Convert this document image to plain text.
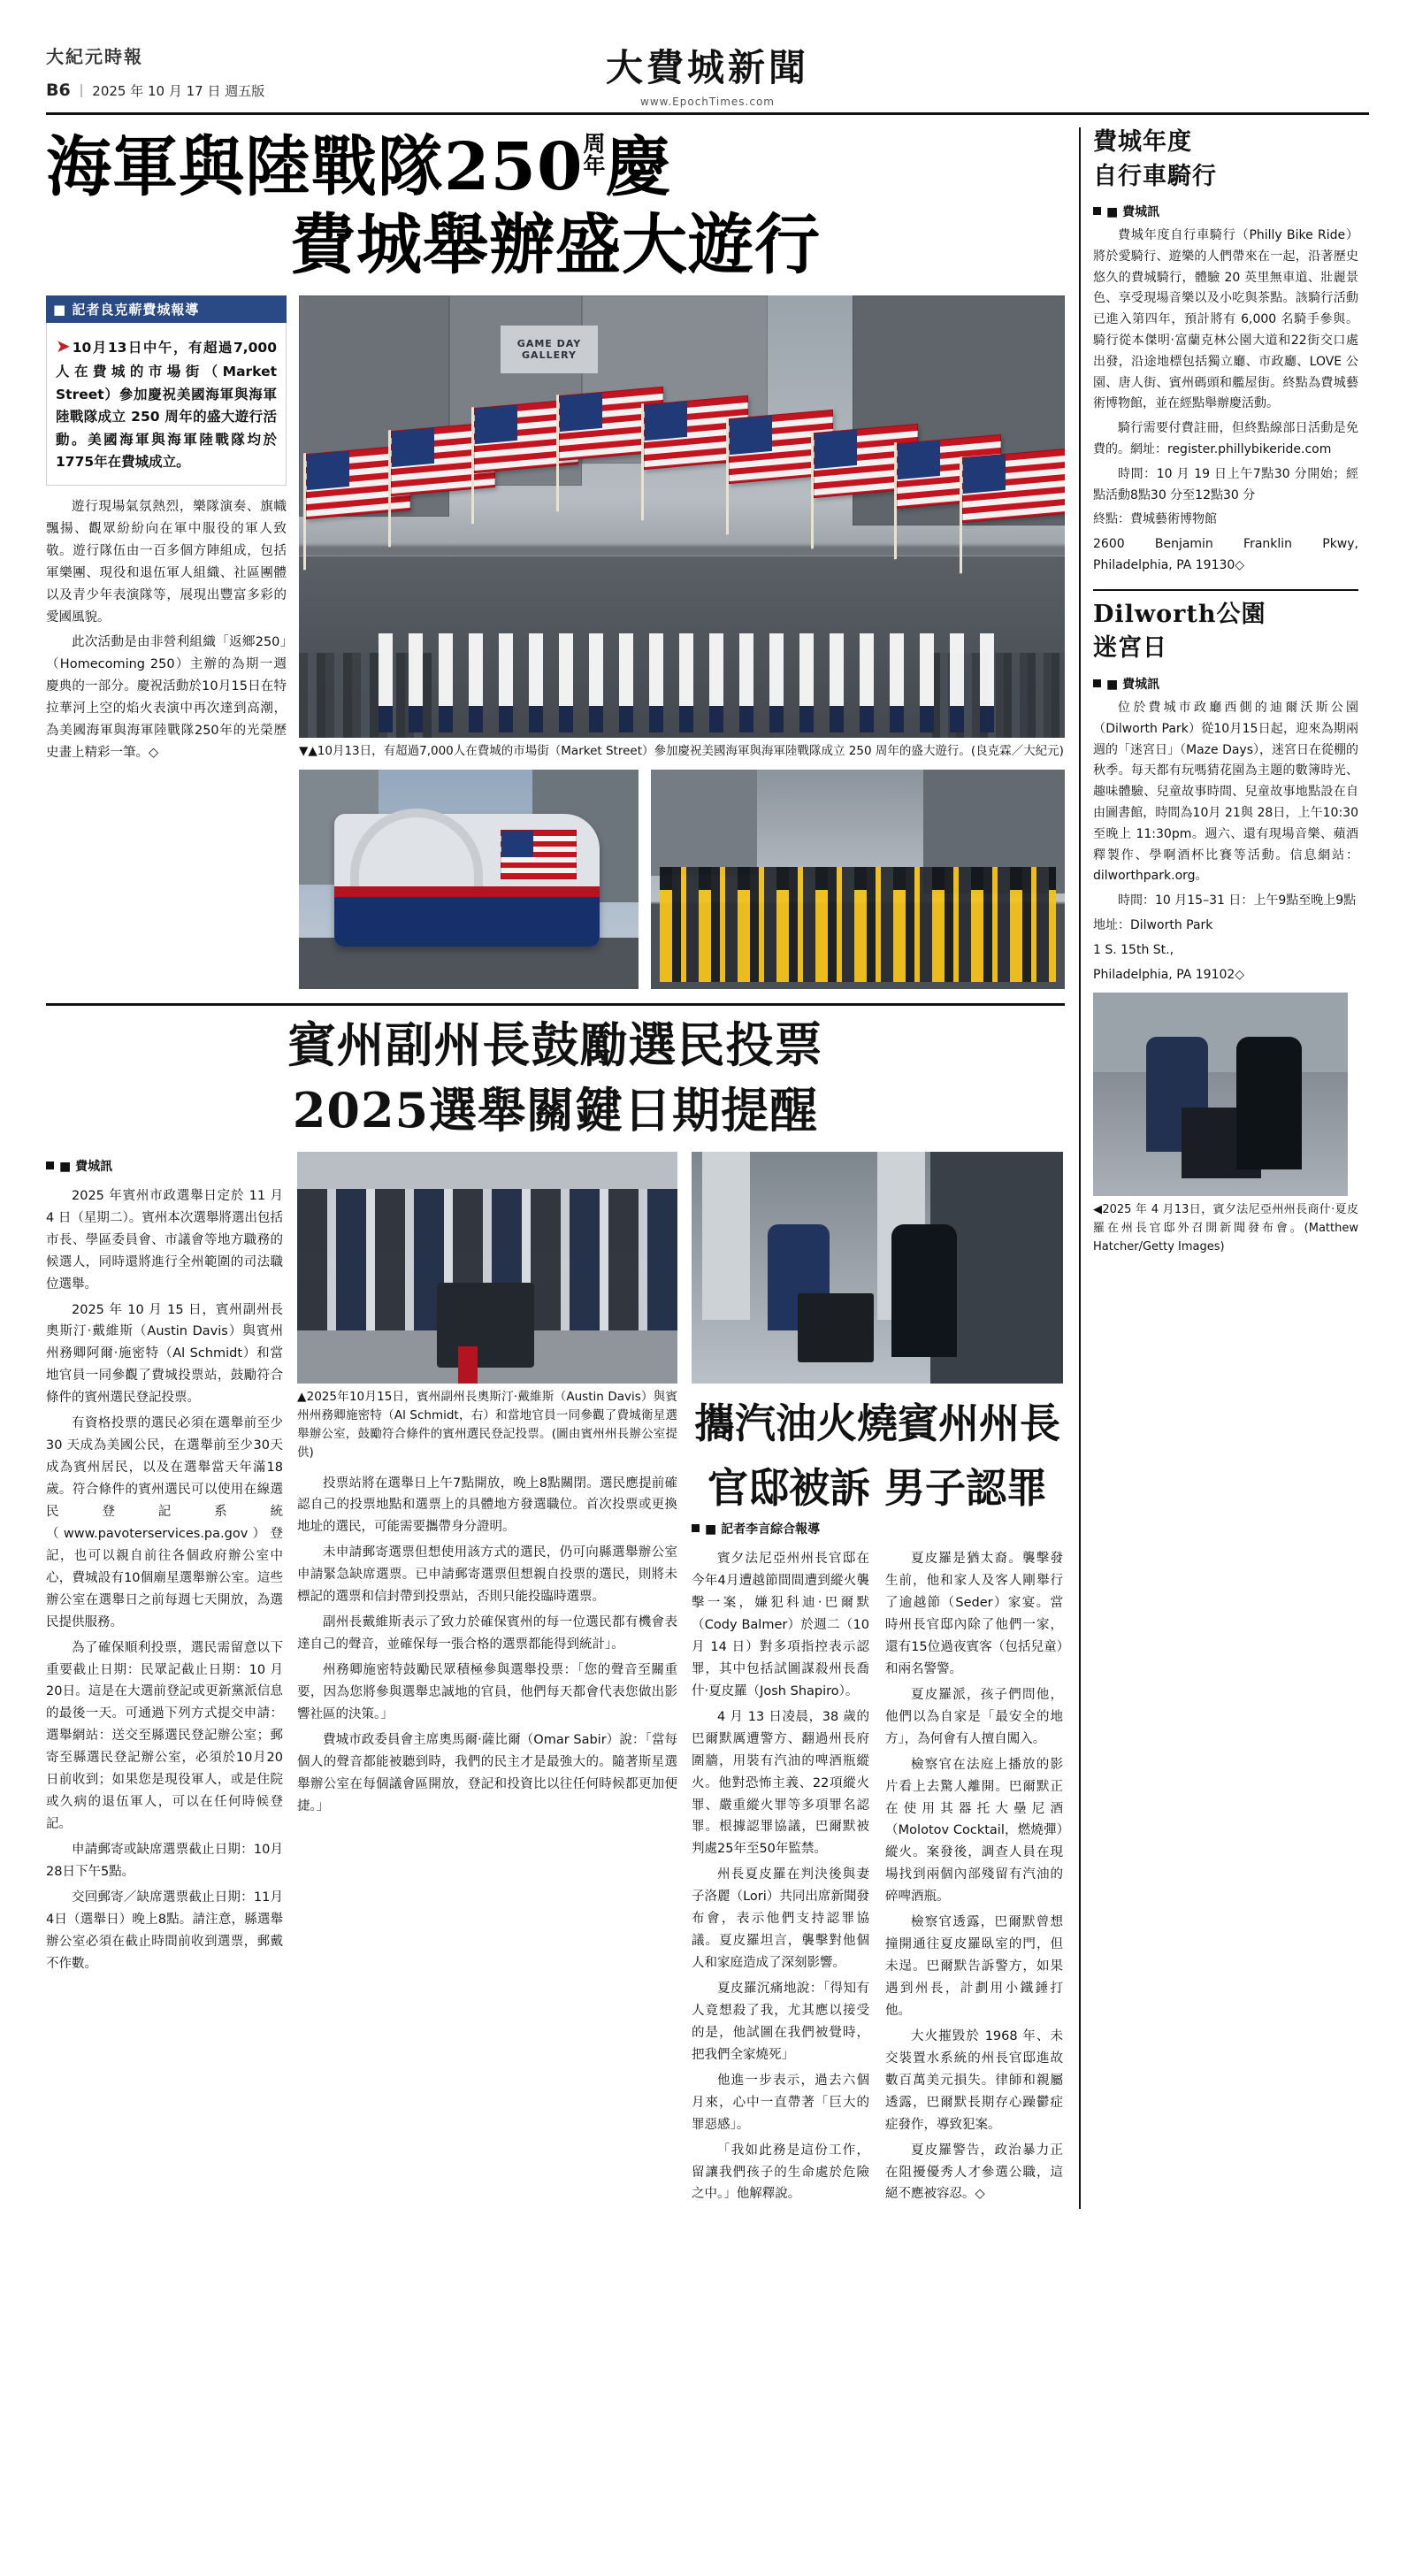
大紀元時報
B6 ｜ 2025 年 10 月 17 日 週五版
大費城新聞
www.EpochTimes.com
海軍與陸戰隊250 周
年 慶
費城舉辦盛大遊行
■ 記者良克蕲費城報導
➤ 10月13日中午，有超過7,000人在費城的市場街（Market Street）參加慶祝美國海軍與海軍陸戰隊成立 250 周年的盛大遊行活動。美國海軍與海軍陸戰隊均於1775年在費城成立。

遊行現場氣氛熱烈，樂隊演奏、旗幟飄揚、觀眾紛紛向在軍中服役的軍人致敬。遊行隊伍由一百多個方陣組成，包括軍樂團、現役和退伍軍人組織、社區團體以及青少年表演隊等，展現出豐富多彩的愛國風貌。

此次活動是由非營利組織「返鄉250」（Homecoming 250）主辦的為期一週慶典的一部分。慶祝活動於10月15日在特拉華河上空的焰火表演中再次達到高潮，為美國海軍與海軍陸戰隊250年的光榮歷史畫上精彩一筆。◇

GAME DAY GALLERY
▼▲10月13日，有超過7,000人在費城的市場街（Market Street）參加慶祝美國海軍與海軍陸戰隊成立 250 周年的盛大遊行。(良克霖／大紀元)
賓州副州長鼓勵選民投票
2025選舉關鍵日期提醒
■ 費城訊

2025 年賓州市政選舉日定於 11 月 4 日（星期二）。賓州本次選舉將選出包括市長、學區委員會、市議會等地方職務的候選人，同時還將進行全州範圍的司法職位選舉。

2025 年 10 月 15 日，賓州副州長奧斯汀‧戴維斯（Austin Davis）與賓州州務卿阿爾‧施密特（Al Schmidt）和當地官員一同參觀了費城投票站，鼓勵符合條件的賓州選民登記投票。

有資格投票的選民必須在選舉前至少 30 天成為美國公民，在選舉前至少30天成為賓州居民，以及在選舉當天年滿18歲。符合條件的賓州選民可以使用在線選民登記系統（www.pavoterservices.pa.gov）登記，也可以親自前往各個政府辦公室中心，費城設有10個廟星選舉辦公室。這些辦公室在選舉日之前每週七天開放，為選民提供服務。

為了確保順利投票，選民需留意以下重要截止日期：民眾記截止日期：10 月20日。這是在大選前登記或更新黨派信息的最後一天。可通過下列方式提交申請：選舉網站：送交至縣選民登記辦公室；郵寄至縣選民登記辦公室，必須於10月20日前收到；如果您是現役軍人，或是住院或久病的退伍軍人，可以在任何時候登記。

申請郵寄或缺席選票截止日期：10月28日下午5點。

交回郵寄／缺席選票截止日期：11月4日（選舉日）晚上8點。請注意，縣選舉辦公室必須在截止時間前收到選票，郵戴不作數。

▲2025年10月15日，賓州副州長奧斯汀‧戴維斯（Austin Davis）與賓州州務卿施密特（Al Schmidt，右）和當地官員一同參觀了費城衛星選舉辦公室，鼓勵符合條件的賓州選民登記投票。(圖由賓州州長辦公室提供)

投票站將在選舉日上午7點開放，晚上8點關閉。選民應提前確認自己的投票地點和選票上的具體地方發選職位。首次投票或更換地址的選民，可能需要攜帶身分證明。

未申請郵寄選票但想使用該方式的選民，仍可向縣選舉辦公室申請緊急缺席選票。已申請郵寄選票但想親自投票的選民，則將未標記的選票和信封帶到投票站，否則只能投臨時選票。

副州長戴維斯表示了致力於確保賓州的每一位選民都有機會表達自己的聲音，並確保每一張合格的選票都能得到統計」。

州務卿施密特鼓勵民眾積極參與選舉投票：「您的聲音至關重要，因為您將參與選舉忠誠地的官員，他們每天都會代表您做出影響社區的決策。」

費城市政委員會主席奧馬爾‧薩比爾（Omar Sabir）說：「當每個人的聲音都能被聽到時，我們的民主才是最強大的。隨著斯星選舉辦公室在每個議會區開放，登記和投資比以往任何時候都更加便捷。」

攜汽油火燒賓州州長
官邸被訴 男子認罪
■ 記者李言綜合報導

賓夕法尼亞州州長官邸在今年4月遭越節間間遭到縱火襲擊一案，嫌犯科迪‧巴爾默（Cody Balmer）於週二（10 月 14 日）對多項指控表示認罪，其中包括試圖謀殺州長喬什‧夏皮羅（Josh Shapiro）。

4 月 13 日凌晨，38 歲的巴爾默厲遭警方、翻過州長府圍牆，用裝有汽油的啤酒瓶縱火。他對恐怖主義、22項縱火罪、嚴重縱火罪等多項罪名認罪。根據認罪協議，巴爾默被判處25年至50年監禁。

州長夏皮羅在判決後與妻子洛麗（Lori）共同出席新聞發布會，表示他們支持認罪協議。夏皮羅坦言，襲擊對他個人和家庭造成了深刻影響。

夏皮羅沉痛地說：「得知有人竟想殺了我，尤其應以接受的是，他試圖在我們被覺時，把我們全家燒死」

他進一步表示，過去六個月來，心中一直帶著「巨大的罪惡感」。

「我如此務是這份工作，留讓我們孩子的生命處於危險之中。」他解釋說。

夏皮羅是猶太裔。襲擊發生前，他和家人及客人剛舉行了逾越節（Seder）家宴。當時州長官邸內除了他們一家，還有15位過夜賓客（包括兒童）和兩名警警。

夏皮羅派，孩子們問他，他們以為自家是「最安全的地方」，為何會有人擅自闖入。

檢察官在法庭上播放的影片看上去驚人離開。巴爾默正在使用其器托大壘尼酒（Molotov Cocktail，燃燒彈）縱火。案發後，調查人員在現場找到兩個內部殘留有汽油的碎啤酒瓶。

檢察官透露，巴爾默曾想撞開通往夏皮羅臥室的門，但未逞。巴爾默告訴警方，如果遇到州長，計劃用小鐵錘打他。

大火摧毀於 1968 年、未交裝置水系統的州長官邸進故數百萬美元損失。律師和親屬透露，巴爾默長期存心躁鬱症症發作，導致犯案。

夏皮羅警告，政治暴力正在阻擾優秀人才參選公職，這絕不應被容忍。◇

費城年度
自行車騎行
■ 費城訊

費城年度自行車騎行（Philly Bike Ride）將於愛騎行、遊樂的人們帶來在一起，沿著歷史悠久的費城騎行，體驗 20 英里無車道、壯麗景色、享受現場音樂以及小吃與茶點。該騎行活動已進入第四年，預計將有 6,000 名騎手參與。騎行從本傑明‧富蘭克林公園大道和22街交口處出發，沿途地標包括獨立廳、市政廳、LOVE 公園、唐人街、賓州碼頭和艦屋街。終點為費城藝術博物館，並在經點舉辦慶活動。

騎行需要付費註冊，但終點線部日活動是免費的。網址：register.phillybikeride.com

時間：10 月 19 日上午7點30 分開始；經點活動8點30 分至12點30 分

終點：費城藝術博物館

2600 Benjamin Franklin Pkwy, Philadelphia, PA 19130◇

Dilworth公園
迷宮日
■ 費城訊

位於費城市政廳西側的迪爾沃斯公園（Dilworth Park）從10月15日起，迎來為期兩週的「迷宮日」（Maze Days），迷宮日在從棚的秋季。每天都有玩嗎猜花園為主題的數簿時光、趣味體驗、兒童故事時間、兒童故事地點設在自由圖書館，時間為10月 21與 28日，上午10:30至晚上 11:30pm。週六、還有現場音樂、蘋酒釋製作、學啊酒杯比賽等活動。信息網站：dilworthpark.org。

時間：10 月15–31 日：上午9點至晚上9點

地址：Dilworth Park

1 S. 15th St.,

Philadelphia, PA 19102◇

◀2025 年 4 月13日，賓夕法尼亞州州長商什‧夏皮羅在州長官邸外召開新聞發布會。(Matthew Hatcher/Getty Images)
